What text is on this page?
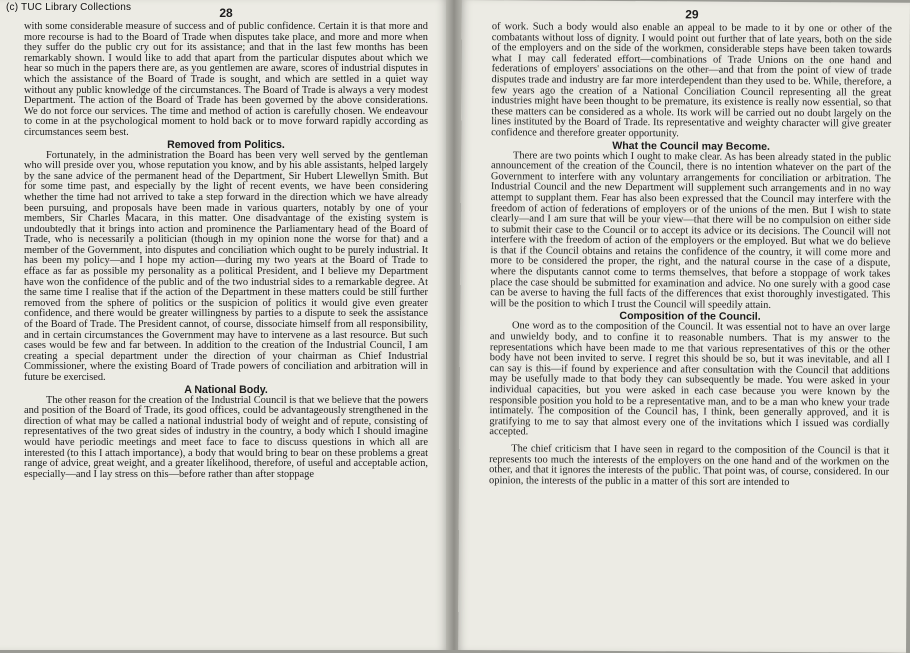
(c) TUC Library Collections	28

with some considerable measure of success and of public confidence. Certain it is that more and more recourse is had to the Board of Trade when disputes take place, and more and more when they suffer do the public cry out for its assistance; and that in the last few months has been remarkably shown. I would like to add that apart from the particular disputes about which we hear so much in the papers there are, as you gentlemen are aware, scores of industrial disputes in which the assistance of the Board of Trade is sought, and which are settled in a quiet way without any public knowledge of the circumstances. The Board of Trade is always a very modest Department. The action of the Board of Trade has been governed by the above considerations. We do not force our services. The time and method of action is carefully chosen. We endeavour to come in at the psychological moment to hold back or to move forward rapidly according as circumstances seem best.

Removed from Politics.

Fortunately, in the administration the Board has been very well served by the gentleman who will preside over you, whose reputation you know, and by his able assistants, helped largely by the sane advice of the permanent head of the Department, Sir Hubert Llewellyn Smith. But for some time past, and especially by the light of recent events, we have been considering whether the time had not arrived to take a step forward in the direction which we have already been pursuing, and proposals have been made in various quarters, notably by one of your members, Sir Charles Macara, in this matter. One disadvantage of the existing system is undoubtedly that it brings into action and prominence the Parliamentary head of the Board of Trade, who is necessarily a politician (though in my opinion none the worse for that) and a member of the Government, into disputes and conciliation which ought to be purely industrial. It has been my policy—and I hope my action—during my two years at the Board of Trade to efface as far as possible my personality as a political President, and I believe my Department have won the confidence of the public and of the two industrial sides to a remarkable degree. At the same time I realise that if the action of the Department in these matters could be still further removed from the sphere of politics or the suspicion of politics it would give even greater confidence, and there would be greater willingness by parties to a dispute to seek the assistance of the Board of Trade. The President cannot, of course, dissociate himself from all responsibility, and in certain circumstances the Government may have to intervene as a last resource. But such cases would be few and far between. In addition to the creation of the Industrial Council, I am creating a special department under the direction of your chairman as Chief Industrial Commissioner, where the existing Board of Trade powers of conciliation and arbitration will in future be exercised.

A National Body.

The other reason for the creation of the Industrial Council is that we believe that the powers and position of the Board of Trade, its good offices, could be advantageously strengthened in the direction of what may be called a national industrial body of weight and of repute, consisting of representatives of the two great sides of industry in the country, a body which I should imagine would have periodic meetings and meet face to face to discuss questions in which all are interested (to this I attach importance), a body that would bring to bear on these problems a great range of advice, great weight, and a greater likelihood, therefore, of useful and acceptable action, especially—and I lay stress on this—before rather than after stoppage

29

of work. Such a body would also enable an appeal to be made to it by one or other of the combatants without loss of dignity. I would point out further that of late years, both on the side of the employers and on the side of the workmen, considerable steps have been taken towards what I may call federated effort—combinations of Trade Unions on the one hand and federations of employers' associations on the other—and that from the point of view of trade disputes trade and industry are far more interdependent than they used to be. While, therefore, a few years ago the creation of a National Conciliation Council representing all the great industries might have been thought to be premature, its existence is really now essential, so that these matters can be considered as a whole. Its work will be carried out no doubt largely on the lines instituted by the Board of Trade. Its representative and weighty character will give greater confidence and therefore greater opportunity.

What the Council may Become.

There are two points which I ought to make clear. As has been already stated in the public announcement of the creation of the Council, there is no intention whatever on the part of the Government to interfere with any voluntary arrangements for conciliation or arbitration. The Industrial Council and the new Department will supplement such arrangements and in no way attempt to supplant them. Fear has also been expressed that the Council may interfere with the freedom of action of federations of employers or of the unions of the men. But I wish to state clearly—and I am sure that will be your view—that there will be no compulsion on either side to submit their case to the Council or to accept its advice or its decisions. The Council will not interfere with the freedom of action of the employers or the employed. But what we do believe is that if the Council obtains and retains the confidence of the country, it will come more and more to be considered the proper, the right, and the natural course in the case of a dispute, where the disputants cannot come to terms themselves, that before a stoppage of work takes place the case should be submitted for examination and advice. No one surely with a good case can be averse to having the full facts of the differences that exist thoroughly investigated. This will be the position to which I trust the Council will speedily attain.

Composition of the Council.

One word as to the composition of the Council. It was essential not to have an over large and unwieldy body, and to confine it to reasonable numbers. That is my answer to the representations which have been made to me that various representatives of this or the other body have not been invited to serve. I regret this should be so, but it was inevitable, and all I can say is this—if found by experience and after consultation with the Council that additions may be usefully made to that body they can subsequently be made. You were asked in your individual capacities, but you were asked in each case because you were known by the responsible position you hold to be a representative man, and to be a man who knew your trade intimately. The composition of the Council has, I think, been generally approved, and it is gratifying to me to say that almost every one of the invitations which I issued was cordially accepted.

The chief criticism that I have seen in regard to the composition of the Council is that it represents too much the interests of the employers on the one hand and of the workmen on the other, and that it ignores the interests of the public. That point was, of course, considered. In our opinion, the interests of the public in a matter of this sort are intended to
